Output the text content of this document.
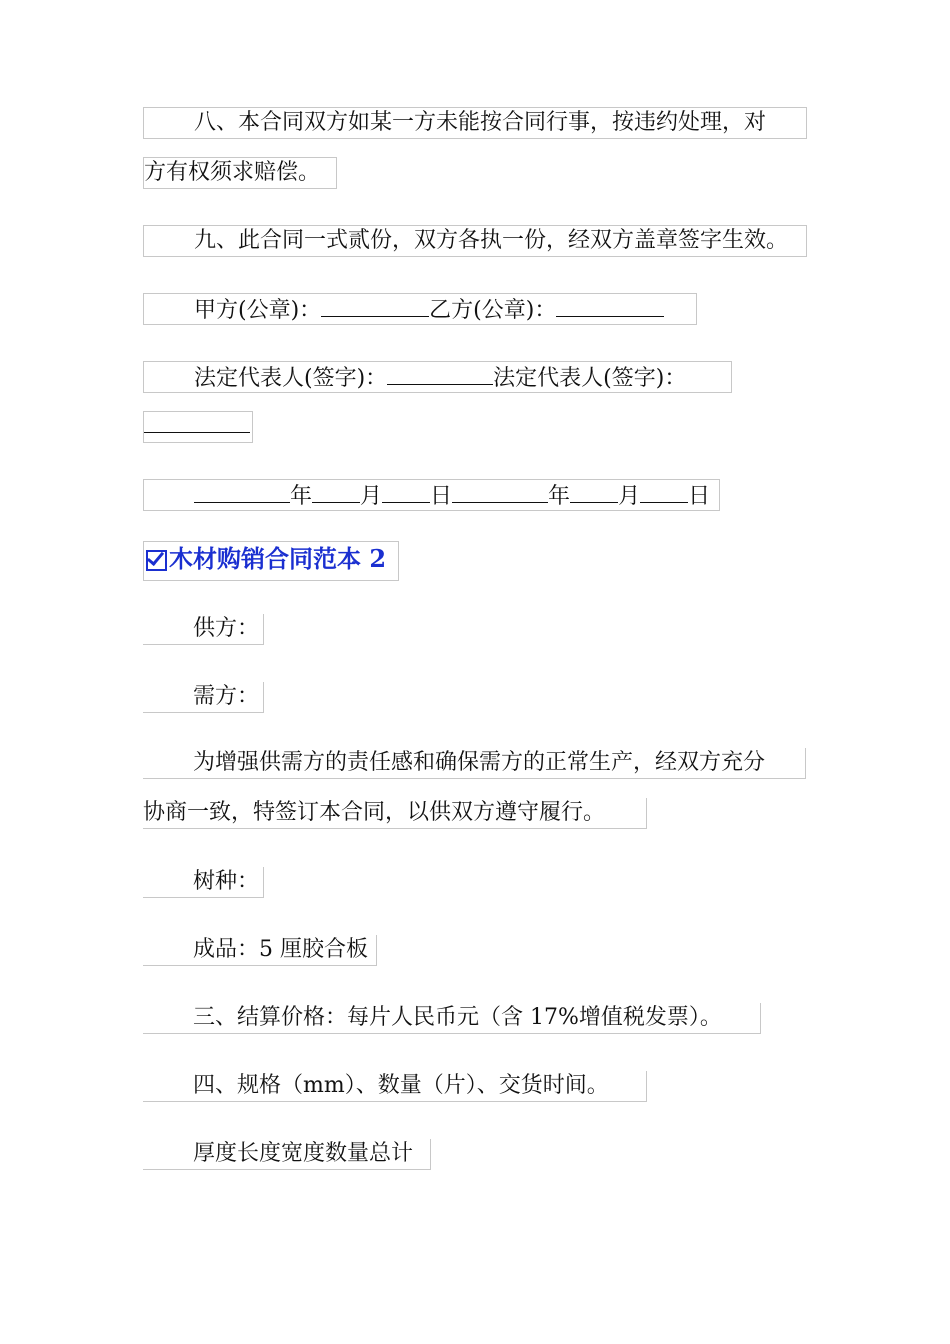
八、本合同双方如某一方未能按合同行事，按违约处理，对
方有权须求赔偿。
九、此合同一式贰份，双方各执一份，经双方盖章签字生效。
甲方(公章)：	乙方(公章)：
法定代表人(签字)：	法定代表人(签字)：
年 月 日	年 月 日
木材购销合同范本 2
供方：
需方：
为增强供需方的责任感和确保需方的正常生产，经双方充分
协商一致，特签订本合同，以供双方遵守履行。
树种：
成品：5 厘胶合板
三、结算价格：每片人民币元（含 17%增值税发票）。
四、规格（mm）、数量（片）、交货时间。
厚度长度宽度数量总计
